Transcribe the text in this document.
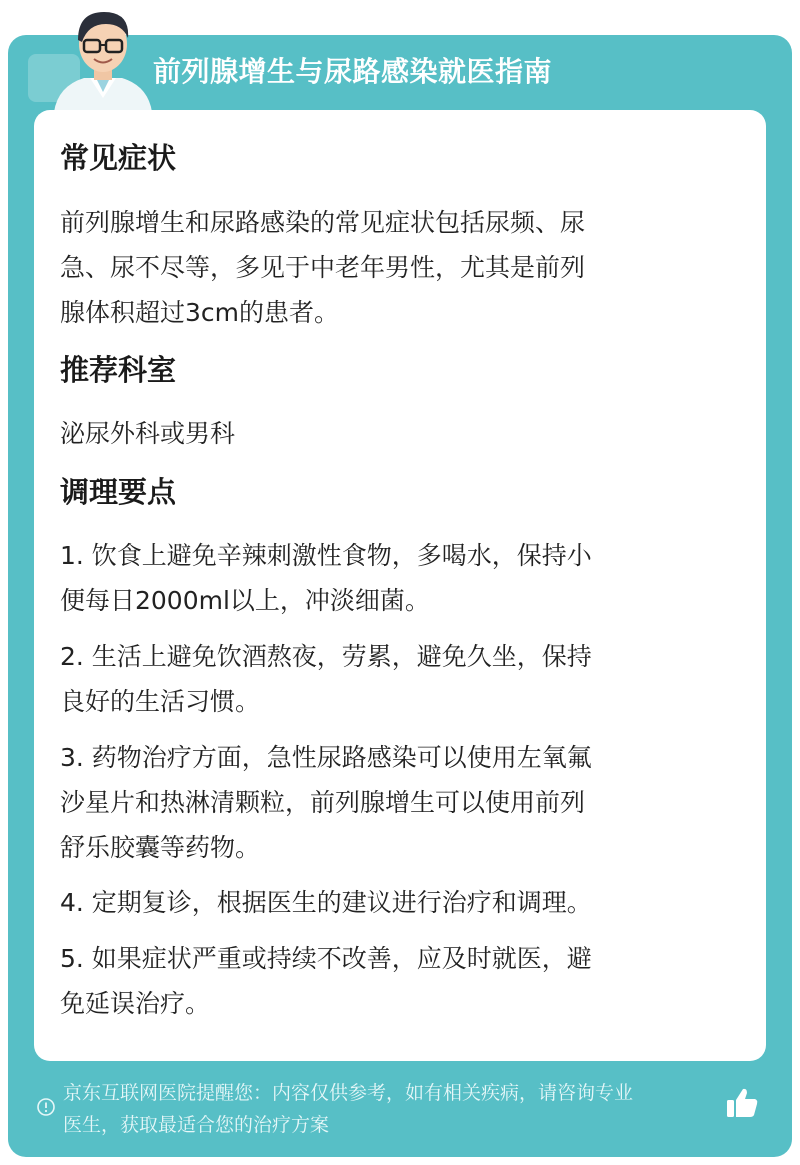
前列腺增生与尿路感染就医指南
常见症状
前列腺增生和尿路感染的常见症状包括尿频、尿
急、尿不尽等，多见于中老年男性，尤其是前列
腺体积超过3cm的患者。
推荐科室
泌尿外科或男科
调理要点
1. 饮食上避免辛辣刺激性食物，多喝水，保持小
便每日2000ml以上，冲淡细菌。
2. 生活上避免饮酒熬夜，劳累，避免久坐，保持
良好的生活习惯。
3. 药物治疗方面，急性尿路感染可以使用左氧氟
沙星片和热淋清颗粒，前列腺增生可以使用前列
舒乐胶囊等药物。
4. 定期复诊，根据医生的建议进行治疗和调理。
5. 如果症状严重或持续不改善，应及时就医，避
免延误治疗。
京东互联网医院提醒您：内容仅供参考，如有相关疾病，请咨询专业
医生，获取最适合您的治疗方案
